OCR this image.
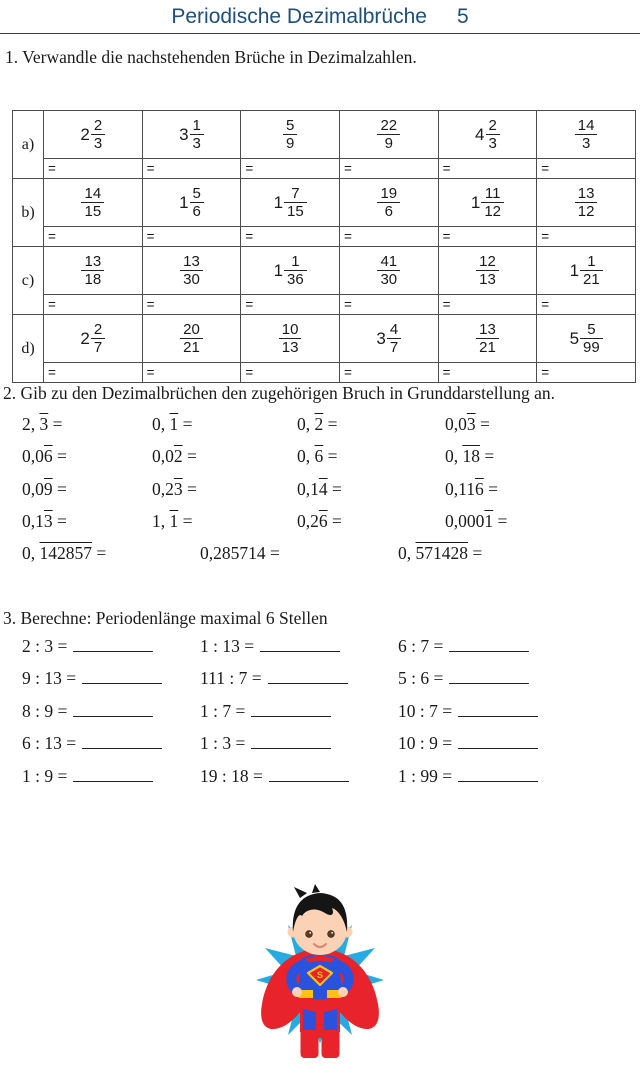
Periodische Dezimalbrüche 5
1. Verwandle die nachstehenden Brüche in Dezimalzahlen.
a)	$2 \frac{2}{3}$	$3 \frac{1}{3}$	$\frac{5}{9}$	$\frac{22}{9}$	$4 \frac{2}{3}$	$\frac{14}{3}$

	=	=	=	=	=	=
b)	$\frac{14}{15}$	$1 \frac{5}{6}$	$1 \frac{7}{15}$	$\frac{19}{6}$	$1 \frac{11}{12}$	$\frac{13}{12}$

	=	=	=	=	=	=
c)	$\frac{13}{18}$	$\frac{13}{30}$	$1 \frac{1}{36}$	$\frac{41}{30}$	$\frac{12}{13}$	$1 \frac{1}{21}$

	=	=	=	=	=	=
d)	$2 \frac{2}{7}$	$\frac{20}{21}$	$\frac{10}{13}$	$3 \frac{4}{7}$	$\frac{13}{21}$	$5 \frac{5}{99}$

	=	=	=	=	=	=
2. Gib zu den Dezimalbrüchen den zugehörigen Bruch in Grunddarstellung an.
2, 3 =	0, 1 =	0, 2 =	0,03 =
0,06 =	0,02 =	0, 6 =	0, 18 =
0,09 =	0,23 =	0,14 =	0,116 =
0,13 =	1, 1 =	0,26 =	0,0001 =
0, 142857 =	0,285714 =	0, 571428 =
3. Berechne: Periodenlänge maximal 6 Stellen
2 : 3 =	1 : 13 =	6 : 7 =
9 : 13 =	111 : 7 =	5 : 6 =
8 : 9 =	1 : 7 =	10 : 7 =
6 : 13 =	1 : 3 =	10 : 9 =
1 : 9 =	19 : 18 =	1 : 99 =
S
